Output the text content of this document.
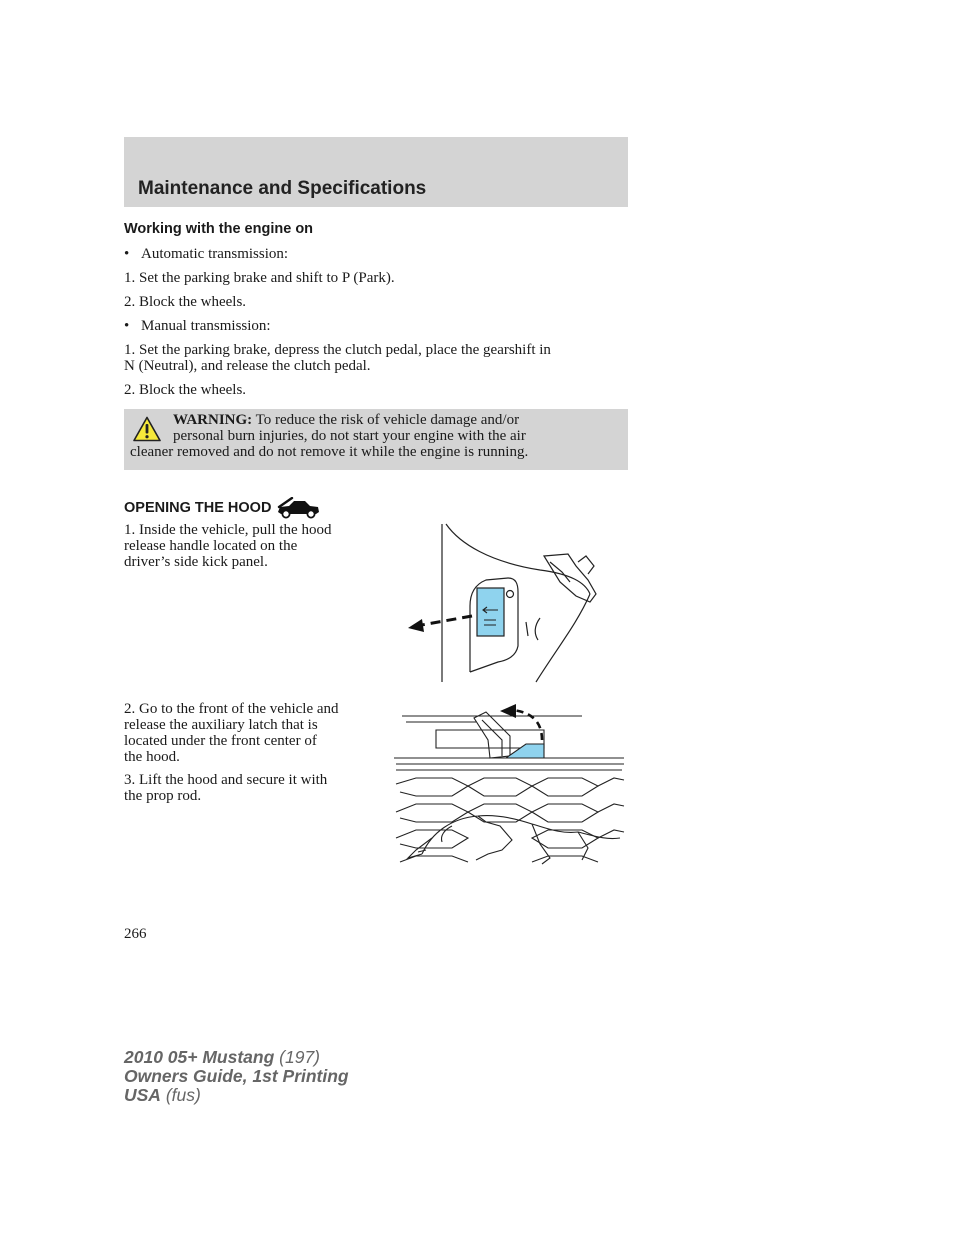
Maintenance and Specifications
Working with the engine on
• Automatic transmission:
1. Set the parking brake and shift to P (Park).
2. Block the wheels.
• Manual transmission:
1. Set the parking brake, depress the clutch pedal, place the gearshift in
N (Neutral), and release the clutch pedal.
2. Block the wheels.
WARNING: To reduce the risk of vehicle damage and/or
personal burn injuries, do not start your engine with the air
cleaner removed and do not remove it while the engine is running.
OPENING THE HOOD
1. Inside the vehicle, pull the hood
release handle located on the
driver’s side kick panel.
2. Go to the front of the vehicle and
release the auxiliary latch that is
located under the front center of
the hood.
3. Lift the hood and secure it with
the prop rod.
266
2010 05+ Mustang (197)
Owners Guide, 1st Printing
USA (fus)
